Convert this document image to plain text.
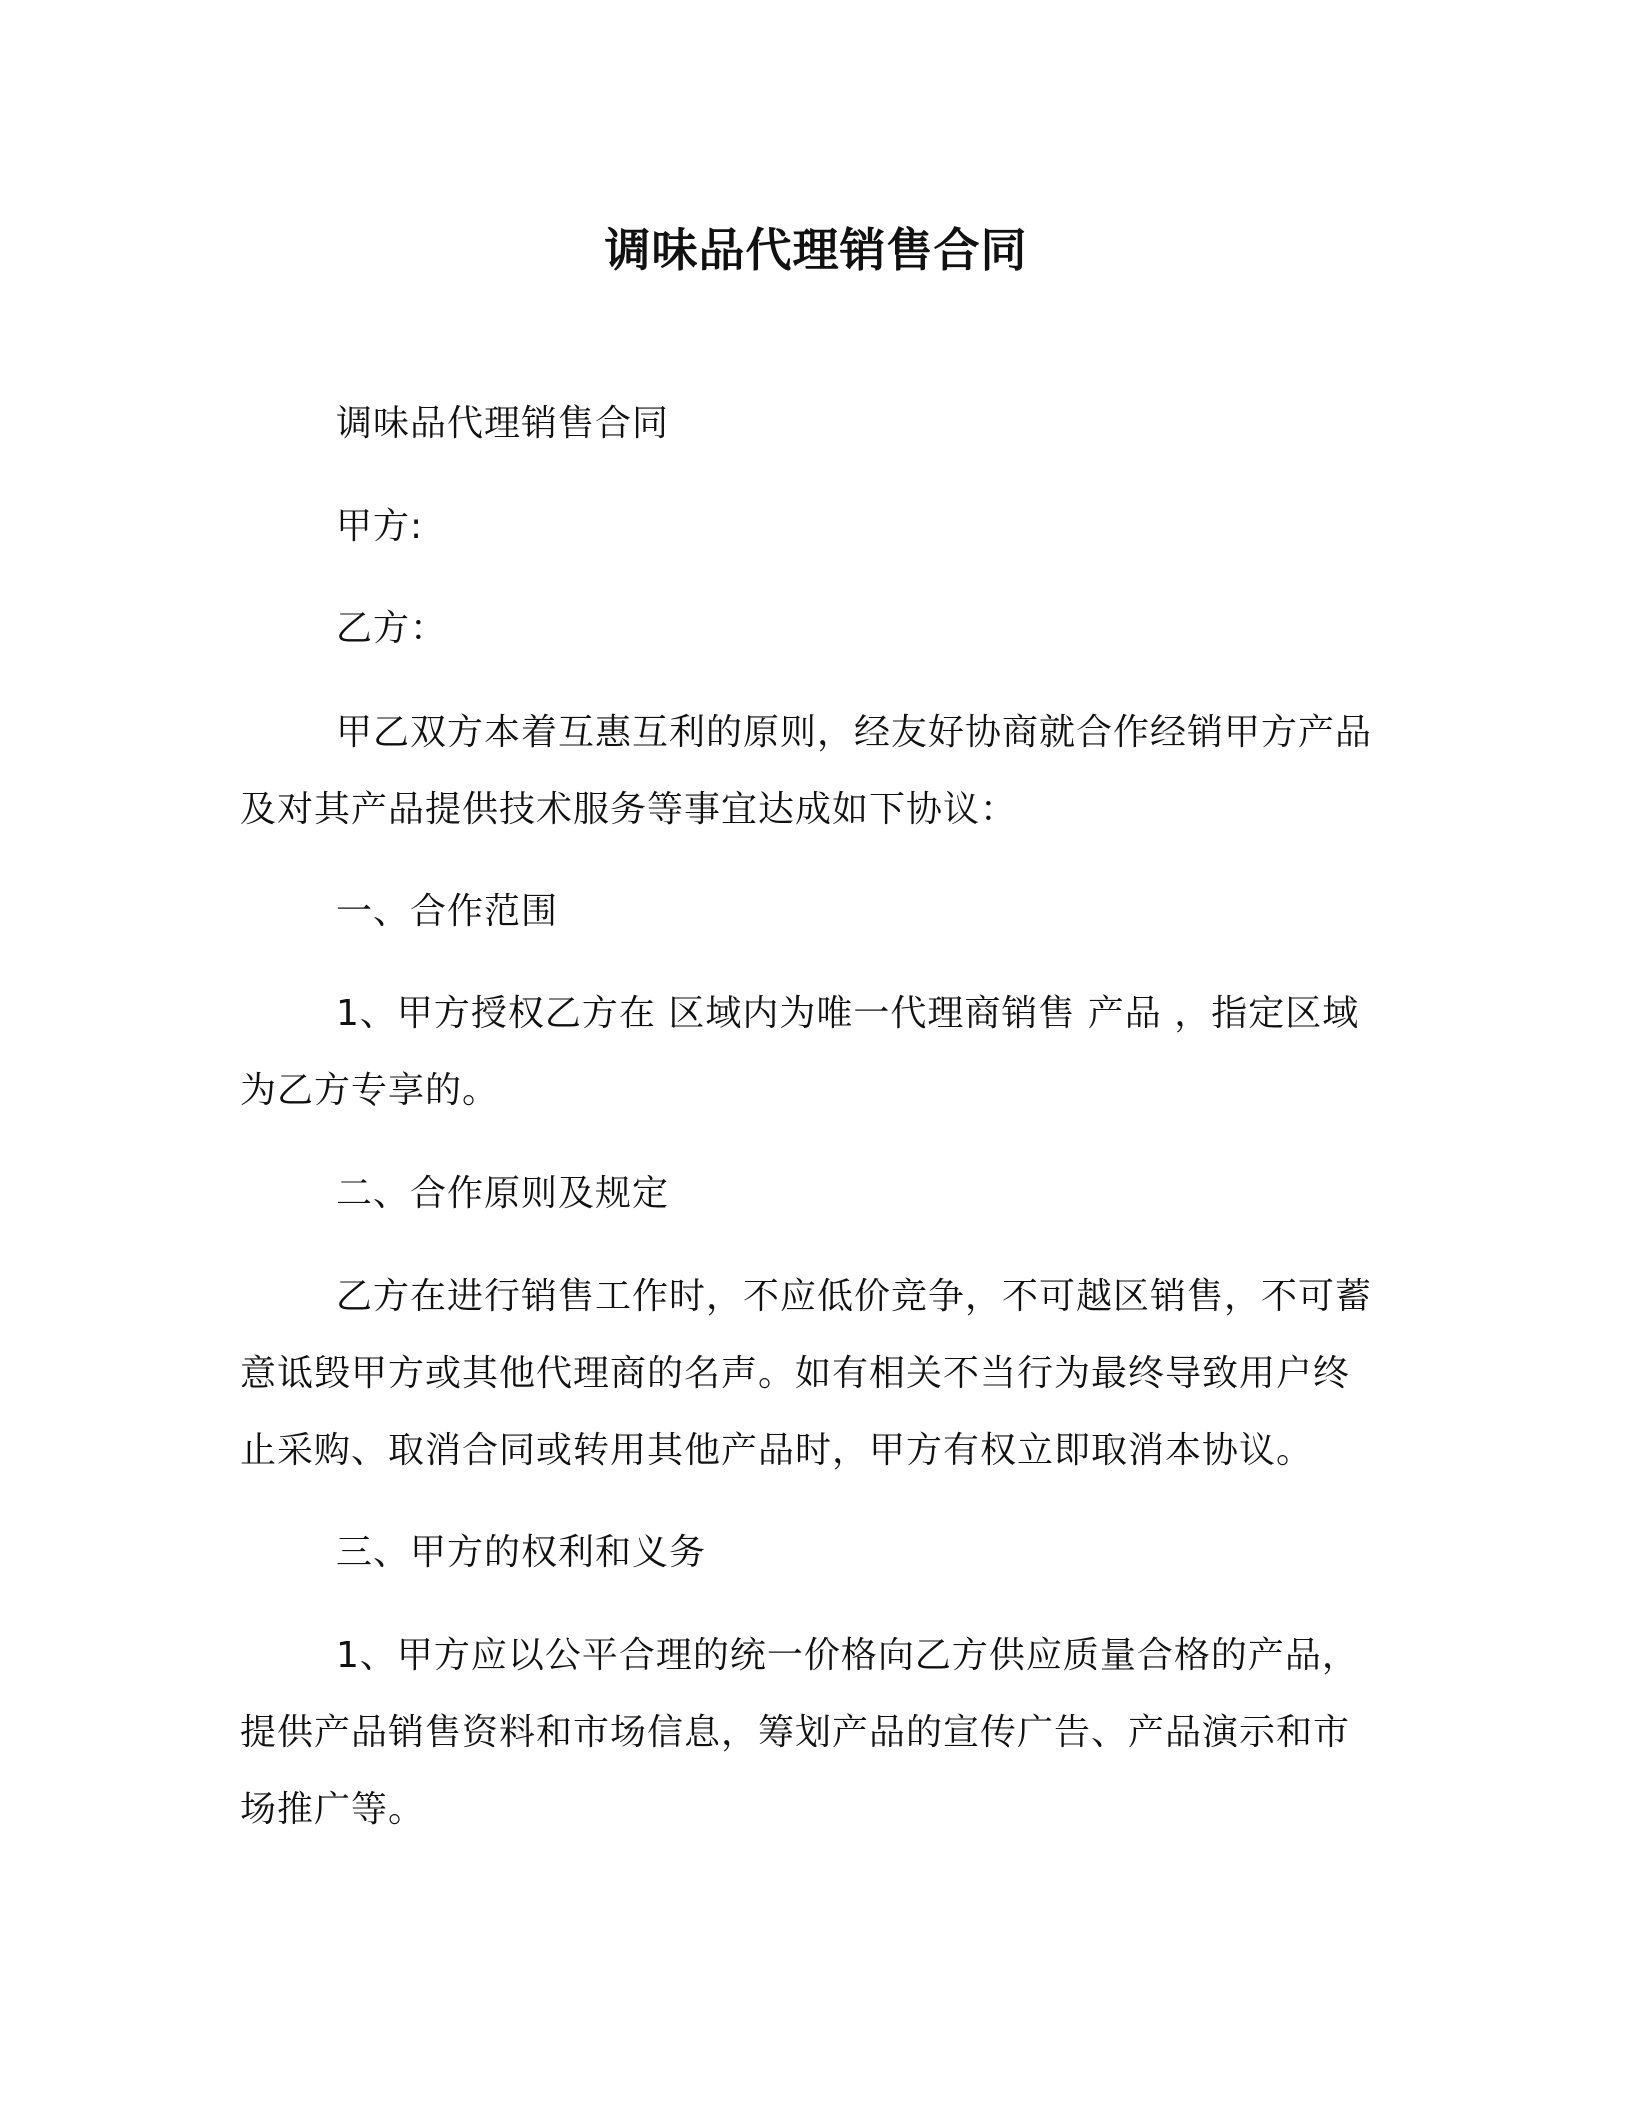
调味品代理销售合同

调味品代理销售合同

甲方:

乙方：

甲乙双方本着互惠互利的原则，经友好协商就合作经销甲方产品及对其产品提供技术服务等事宜达成如下协议：

一、合作范围

1、甲方授权乙方在 区域内为唯一代理商销售 产品 ，指定区域为乙方专享的。

二、合作原则及规定

乙方在进行销售工作时，不应低价竞争，不可越区销售，不可蓄意诋毁甲方或其他代理商的名声。如有相关不当行为最终导致用户终止采购、取消合同或转用其他产品时，甲方有权立即取消本协议。

三、甲方的权利和义务

1、甲方应以公平合理的统一价格向乙方供应质量合格的产品，提供产品销售资料和市场信息，筹划产品的宣传广告、产品演示和市场推广等。
